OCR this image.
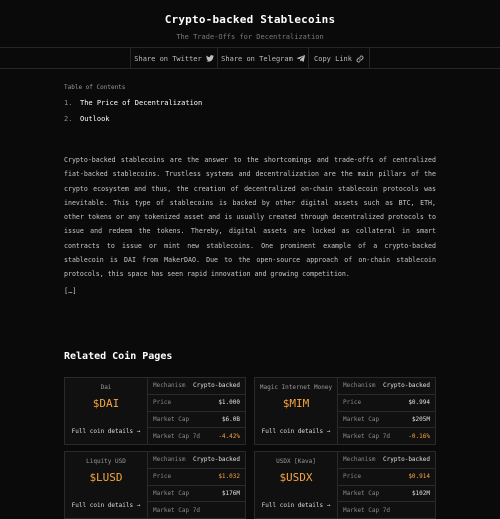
Crypto-backed Stablecoins
The Trade-Offs for Decentralization
Share on Twitter	Share on Telegram	Copy Link
Table of Contents
1.	The Price of Decentralization
2.	Outlook
Crypto-backed stablecoins are the answer to the shortcomings and trade-offs of centralized fiat-backed stablecoins. Trustless systems and decentralization are the main pillars of the crypto ecosystem and thus, the creation of decentralized on-chain stablecoin protocols was inevitable. This type of stablecoins is backed by other digital assets such as BTC, ETH, other tokens or any tokenized asset and is usually created through decentralized protocols to issue and redeem the tokens. Thereby, digital assets are locked as collateral in smart contracts to issue or mint new stablecoins. One prominent example of a crypto-backed stablecoin is DAI from MakerDAO. Due to the open-source approach of on-chain stablecoin protocols, this space has seen rapid innovation and growing competition.
[…]
Related Coin Pages
Dai
$DAI
Full coin details →
Mechanism Crypto-backed
Price	$1.000
Market Cap	$6.0B
Market Cap 7d	-4.42%
Magic Internet Money
$MIM
Full coin details →
Mechanism Crypto-backed
Price	$0.994
Market Cap	$205M
Market Cap 7d	-0.16%
Liquity USD
$LUSD
Full coin details →
Mechanism Crypto-backed
Price	$1.032
Market Cap	$176M
Market Cap 7d
USDX [Kava]
$USDX
Full coin details →
Mechanism Crypto-backed
Price	$0.914
Market Cap	$102M
Market Cap 7d
